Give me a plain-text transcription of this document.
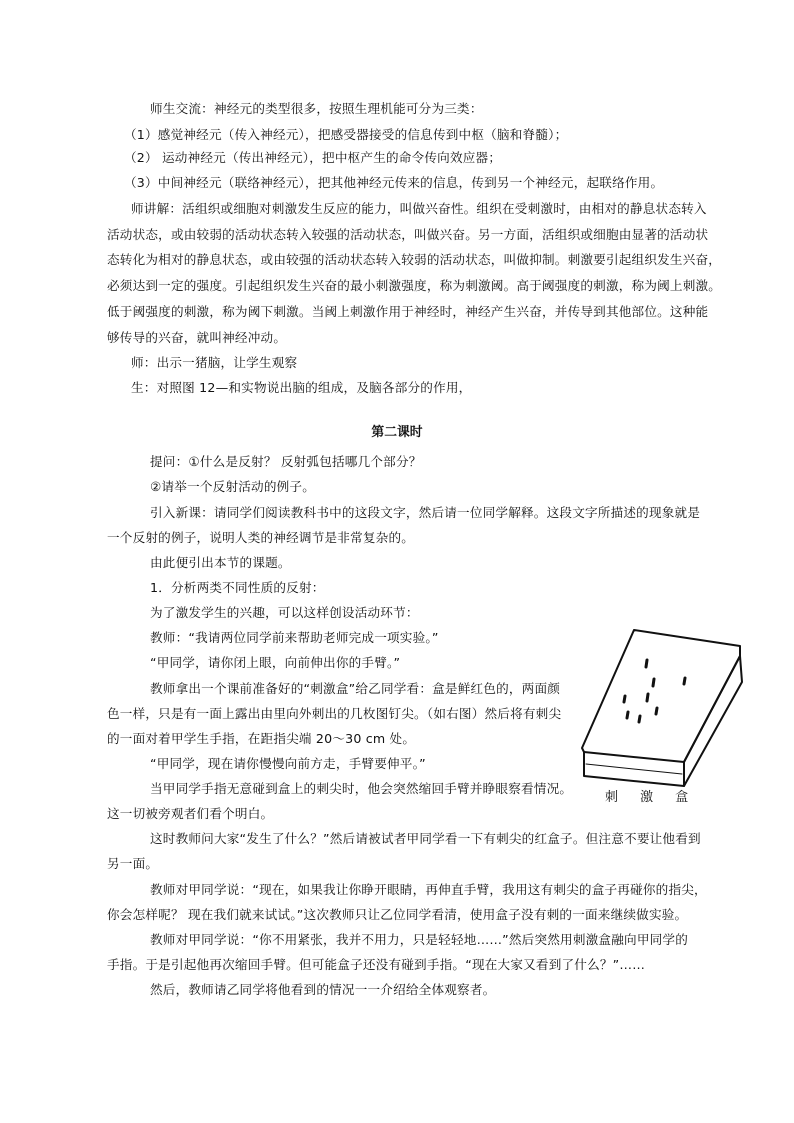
师生交流：神经元的类型很多，按照生理机能可分为三类：
（1）感觉神经元（传入神经元），把感受器接受的信息传到中枢（脑和脊髓）；
（2） 运动神经元（传出神经元），把中枢产生的命令传向效应器；
（3）中间神经元（联络神经元），把其他神经元传来的信息，传到另一个神经元，起联络作用。
师讲解：活组织或细胞对刺激发生反应的能力，叫做兴奋性。组织在受刺激时，由相对的静息状态转入
活动状态，或由较弱的活动状态转入较强的活动状态，叫做兴奋。另一方面，活组织或细胞由显著的活动状
态转化为相对的静息状态，或由较强的活动状态转入较弱的活动状态，叫做抑制。刺激要引起组织发生兴奋，
必须达到一定的强度。引起组织发生兴奋的最小刺激强度，称为刺激阈。高于阈强度的刺激，称为阈上刺激。
低于阈强度的刺激，称为阈下刺激。当阈上刺激作用于神经时，神经产生兴奋，并传导到其他部位。这种能
够传导的兴奋，就叫神经冲动。
师：出示一猪脑，让学生观察
生：对照图 12—和实物说出脑的组成，及脑各部分的作用，
第二课时
提问：①什么是反射？ 反射弧包括哪几个部分？
②请举一个反射活动的例子。
引入新课：请同学们阅读教科书中的这段文字，然后请一位同学解释。这段文字所描述的现象就是
一个反射的例子，说明人类的神经调节是非常复杂的。
由此便引出本节的课题。
1．分析两类不同性质的反射：
为了激发学生的兴趣，可以这样创设活动环节：
教师：“我请两位同学前来帮助老师完成一项实验。”
“甲同学，请你闭上眼，向前伸出你的手臂。”
教师拿出一个课前准备好的“刺激盒”给乙同学看：盒是鲜红色的，两面颜
色一样，只是有一面上露出由里向外刺出的几枚图钉尖。（如右图）然后将有刺尖
的一面对着甲学生手指，在距指尖端 20～30 cm 处。
“甲同学，现在请你慢慢向前方走，手臂要伸平。”
当甲同学手指无意碰到盒上的刺尖时，他会突然缩回手臂并睁眼察看情况。
这一切被旁观者们看个明白。
这时教师问大家“发生了什么？”然后请被试者甲同学看一下有刺尖的红盒子。但注意不要让他看到
另一面。
教师对甲同学说：“现在，如果我让你睁开眼睛，再伸直手臂，我用这有刺尖的盒子再碰你的指尖，
你会怎样呢？ 现在我们就来试试。”这次教师只让乙位同学看清，使用盒子没有刺的一面来继续做实验。
教师对甲同学说：“你不用紧张，我并不用力，只是轻轻地……”然后突然用刺激盒融向甲同学的
手指。于是引起他再次缩回手臂。但可能盒子还没有碰到手指。“现在大家又看到了什么？”……
然后，教师请乙同学将他看到的情况一一介绍给全体观察者。
刺 激 盒
